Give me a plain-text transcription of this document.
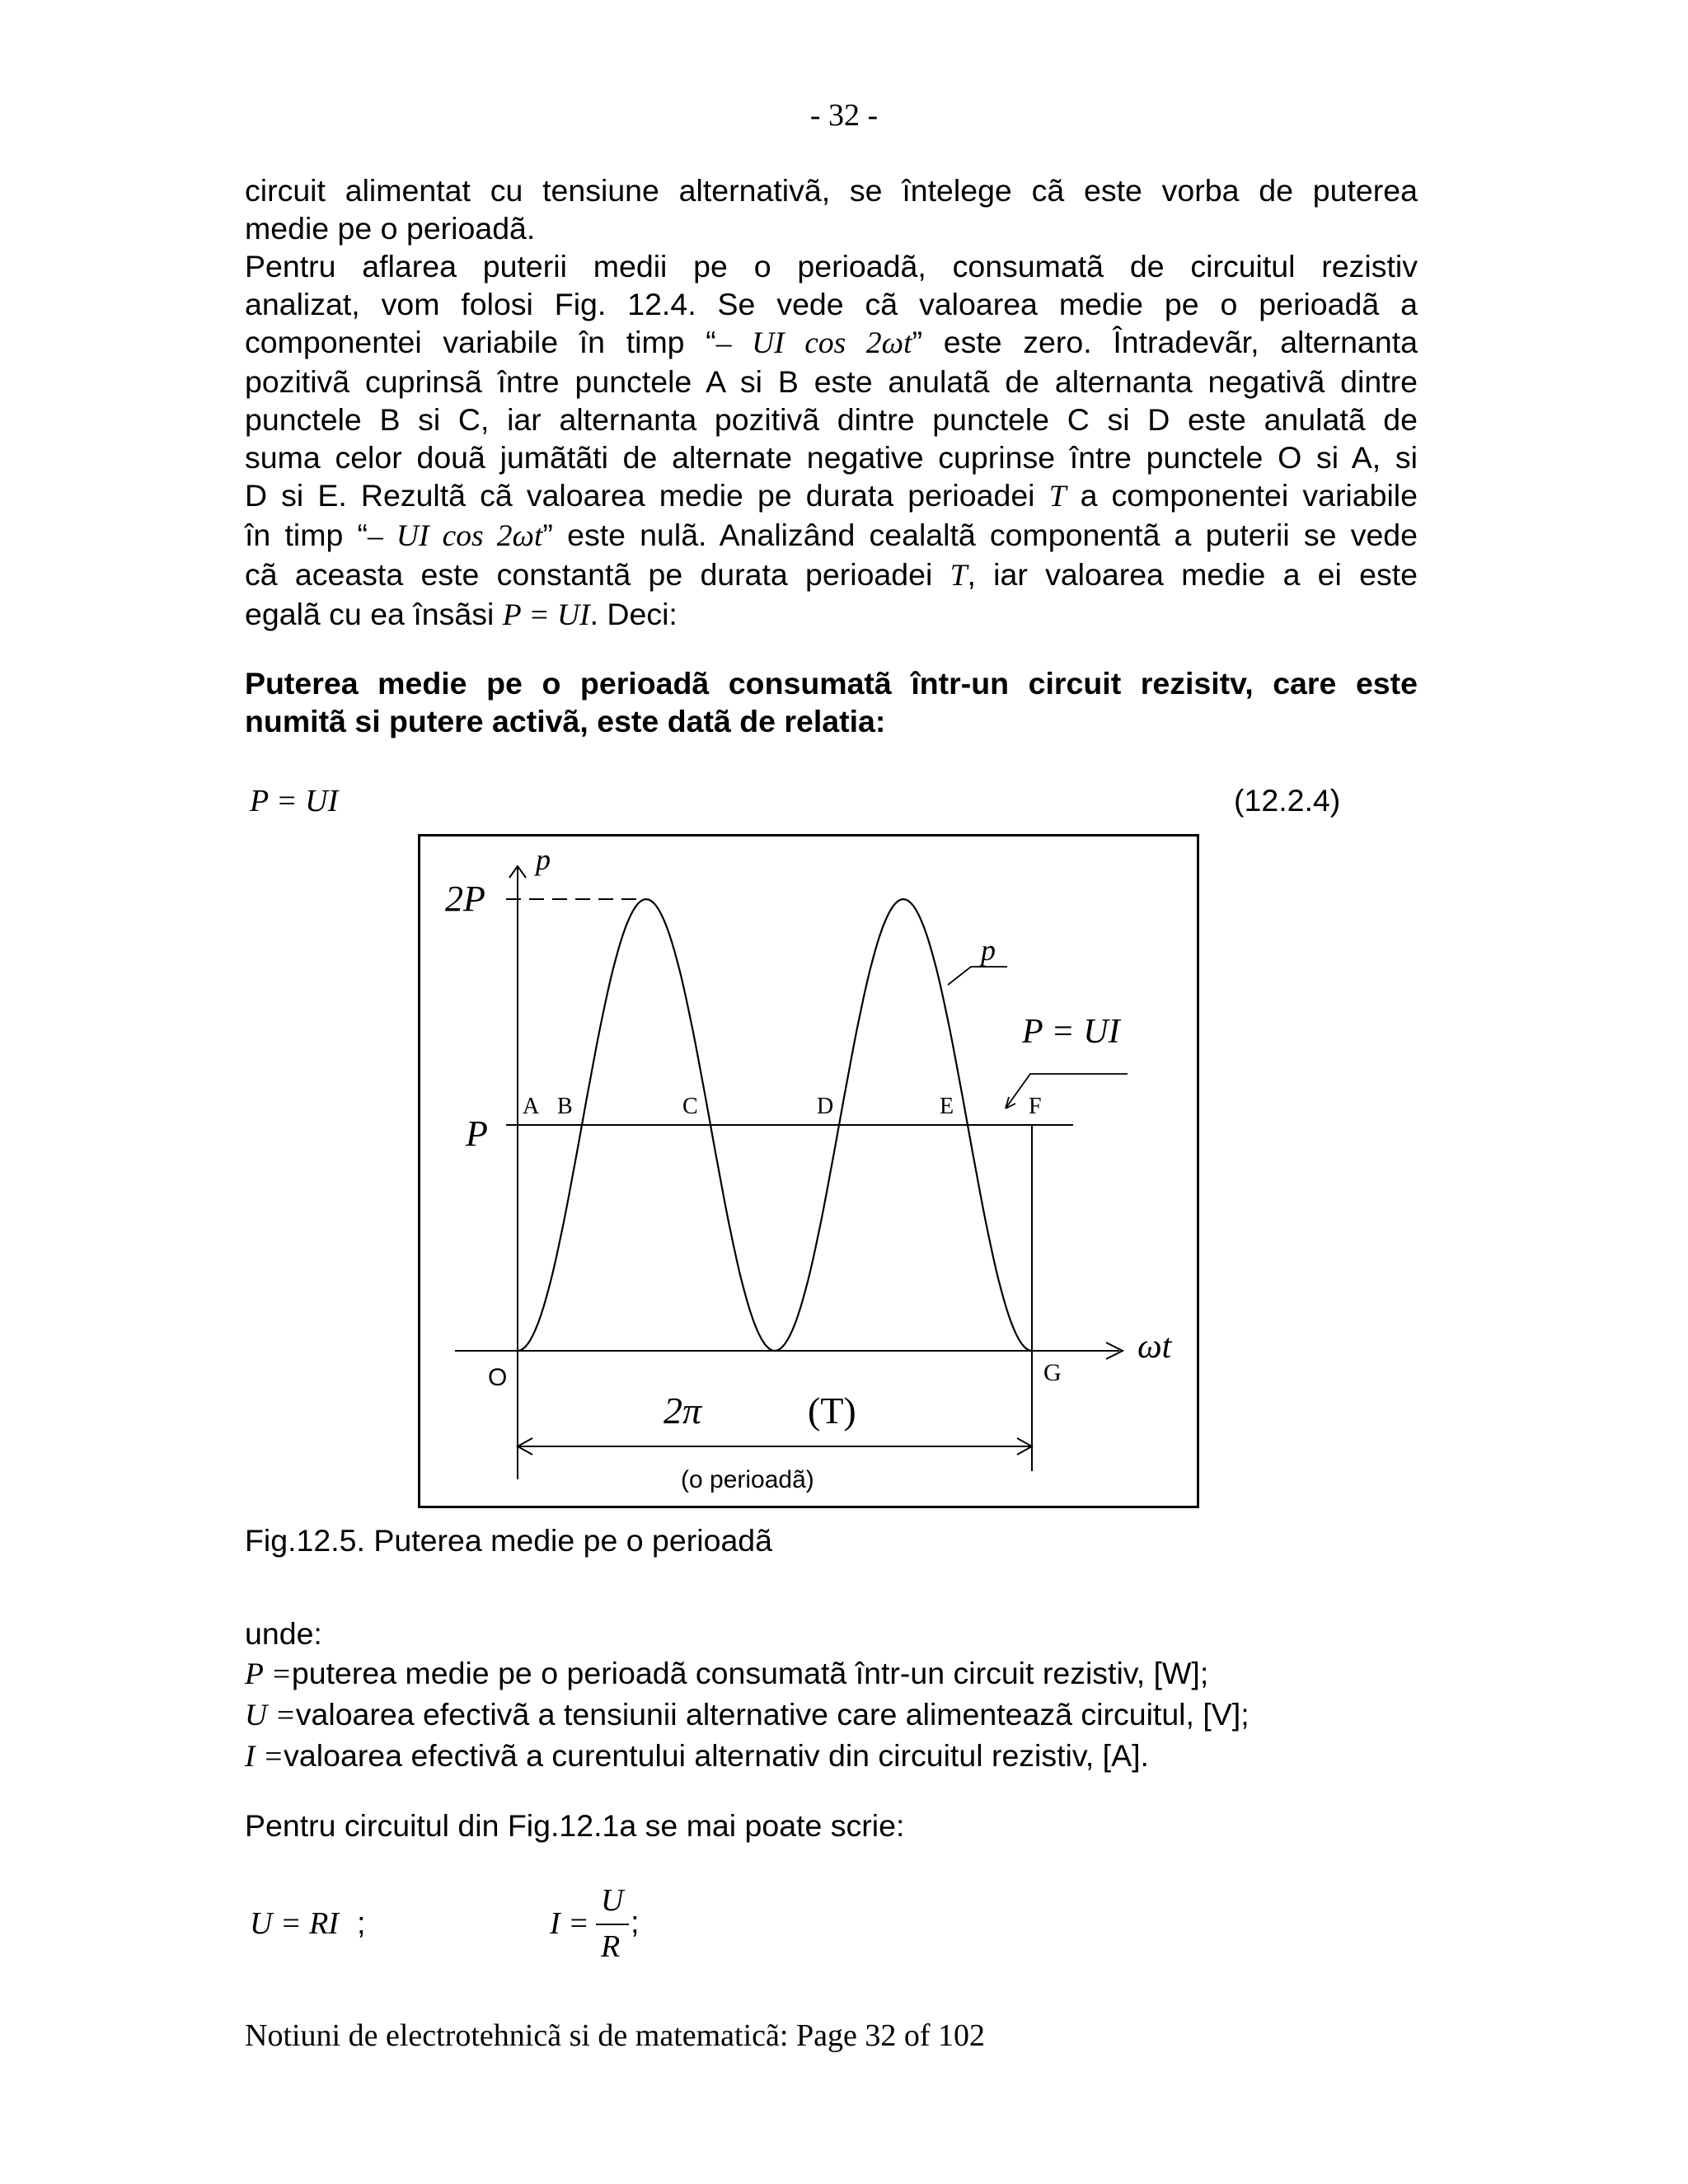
- 32 -
circuit alimentat cu tensiune alternativã, se întelege cã este vorba de puterea
medie pe o perioadã.
Pentru aflarea puterii medii pe o perioadã, consumatã de circuitul rezistiv
analizat, vom folosi Fig. 12.4. Se vede cã valoarea medie pe o perioadã a
componentei variabile în timp “– UI cos 2ωt” este zero. Întradevãr, alternanta
pozitivã cuprinsã între punctele A si B este anulatã de alternanta negativã dintre
punctele B si C, iar alternanta pozitivã dintre punctele C si D este anulatã de
suma celor douã jumãtãti de alternate negative cuprinse între punctele O si A, si
D si E. Rezultã cã valoarea medie pe durata perioadei T a componentei variabile
în timp “– UI cos 2ωt” este nulã. Analizând cealaltã componentã a puterii se vede
cã aceasta este constantã pe durata perioadei T, iar valoarea medie a ei este
egalã cu ea însãsi P = UI. Deci:
Puterea medie pe o perioadã consumatã într-un circuit rezisitv, care este
numitã si putere activã, este datã de relatia:
P = UI	(12.2.4)
p
2P
P
A B	C	D	E	F
p
P = UI
ωt
O	G
2π	(T)
(o perioadã)
Fig.12.5. Puterea medie pe o perioadã
unde:
P =puterea medie pe o perioadã consumatã într-un circuit rezistiv, [W];
U =valoarea efectivã a tensiunii alternative care alimenteazã circuitul, [V];
I =valoarea efectivã a curentului alternativ din circuitul rezistiv, [A].
Pentru circuitul din Fig.12.1a se mai poate scrie:
U = RI ;	I =
U
R
;
Notiuni de electrotehnicã si de matematicã: Page 32 of 102
